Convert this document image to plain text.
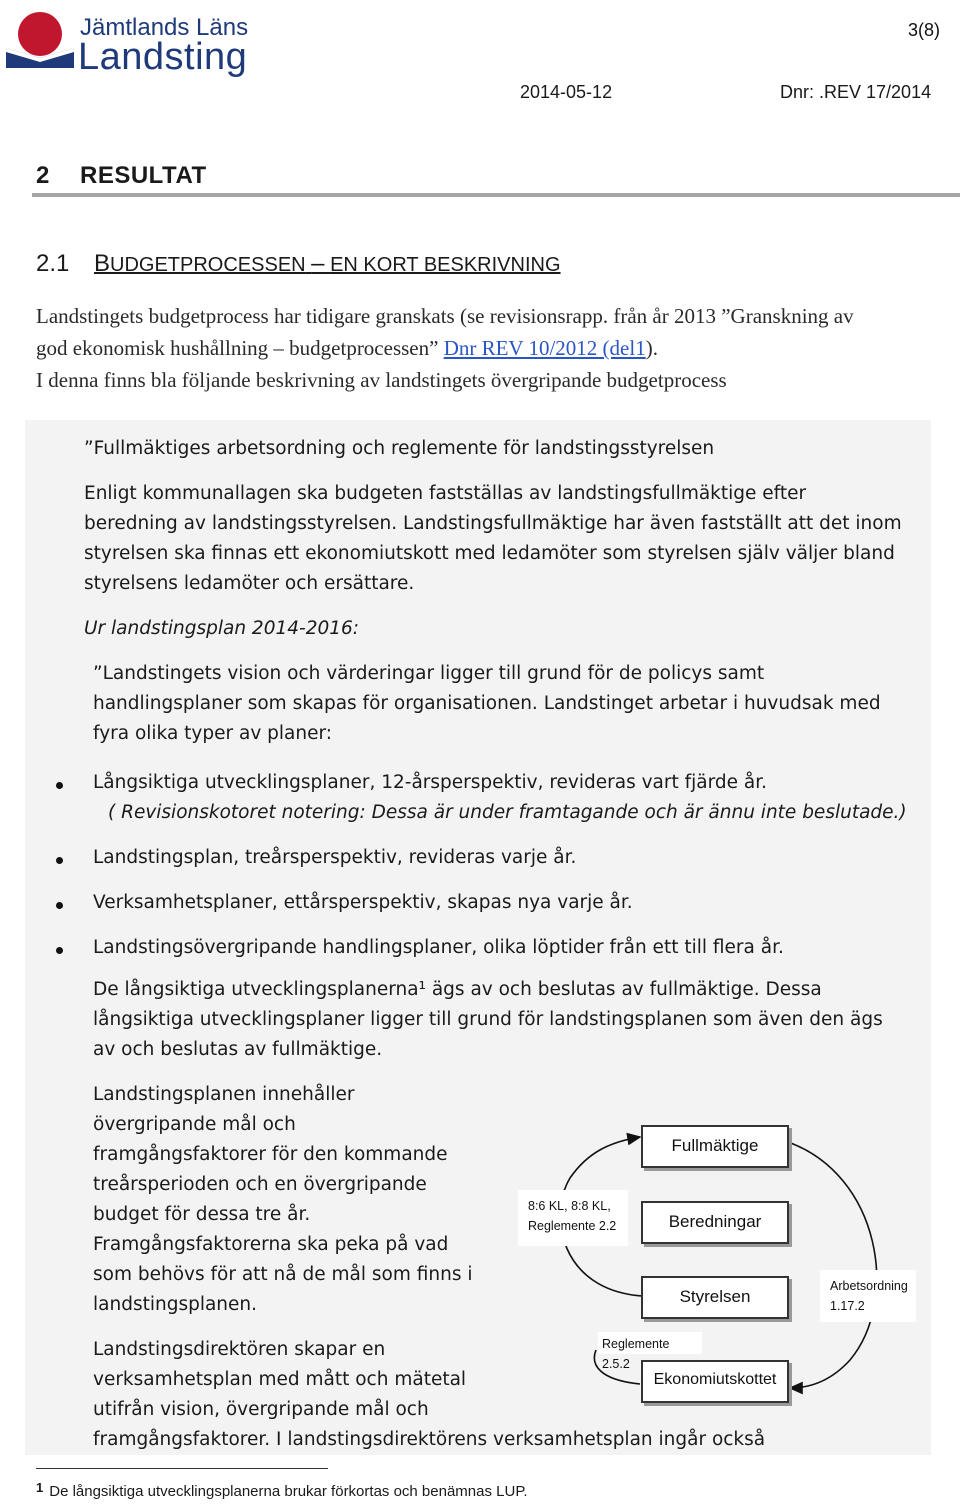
Jämtlands Läns
Landsting
3(8)
2014-05-12	Dnr: .REV 17/2014
2 RESULTAT
2.1 BUDGETPROCESSEN – EN KORT BESKRIVNING
Landstingets budgetprocess har tidigare granskats (se revisionsrapp. från år 2013 ”Granskning av
god ekonomisk hushållning – budgetprocessen” Dnr REV 10/2012 (del1).
I denna finns bla följande beskrivning av landstingets övergripande budgetprocess
”Fullmäktiges arbetsordning och reglemente för landstingsstyrelsen
Enligt kommunallagen ska budgeten fastställas av landstingsfullmäktige efter
beredning av landstingsstyrelsen. Landstingsfullmäktige har även fastställt att det inom
styrelsen ska finnas ett ekonomiutskott med ledamöter som styrelsen själv väljer bland
styrelsens ledamöter och ersättare.
Ur landstingsplan 2014-2016:
”Landstingets vision och värderingar ligger till grund för de policys samt
handlingsplaner som skapas för organisationen. Landstinget arbetar i huvudsak med
fyra olika typer av planer:
Långsiktiga utvecklingsplaner, 12-årsperspektiv, revideras vart fjärde år.
( Revisionskotoret notering: Dessa är under framtagande och är ännu inte beslutade.)
Landstingsplan, treårsperspektiv, revideras varje år.
Verksamhetsplaner, ettårsperspektiv, skapas nya varje år.
Landstingsövergripande handlingsplaner, olika löptider från ett till flera år.
De långsiktiga utvecklingsplanerna¹ ägs av och beslutas av fullmäktige. Dessa
långsiktiga utvecklingsplaner ligger till grund för landstingsplanen som även den ägs
av och beslutas av fullmäktige.
Landstingsplanen innehåller
övergripande mål och
framgångsfaktorer för den kommande
treårsperioden och en övergripande
budget för dessa tre år.
Framgångsfaktorerna ska peka på vad
som behövs för att nå de mål som finns i
landstingsplanen.
Landstingsdirektören skapar en
verksamhetsplan med mått och mätetal
utifrån vision, övergripande mål och
framgångsfaktorer. I landstingsdirektörens verksamhetsplan ingår också
8:6 KL, 8:8 KL,
Reglemente 2.2
Fullmäktige
Beredningar
Styrelsen
Ekonomiutskottet
Arbetsordning
1.17.2
Reglemente 2.5.2
$^1$ De långsiktiga utvecklingsplanerna brukar förkortas och benämnas LUP.
